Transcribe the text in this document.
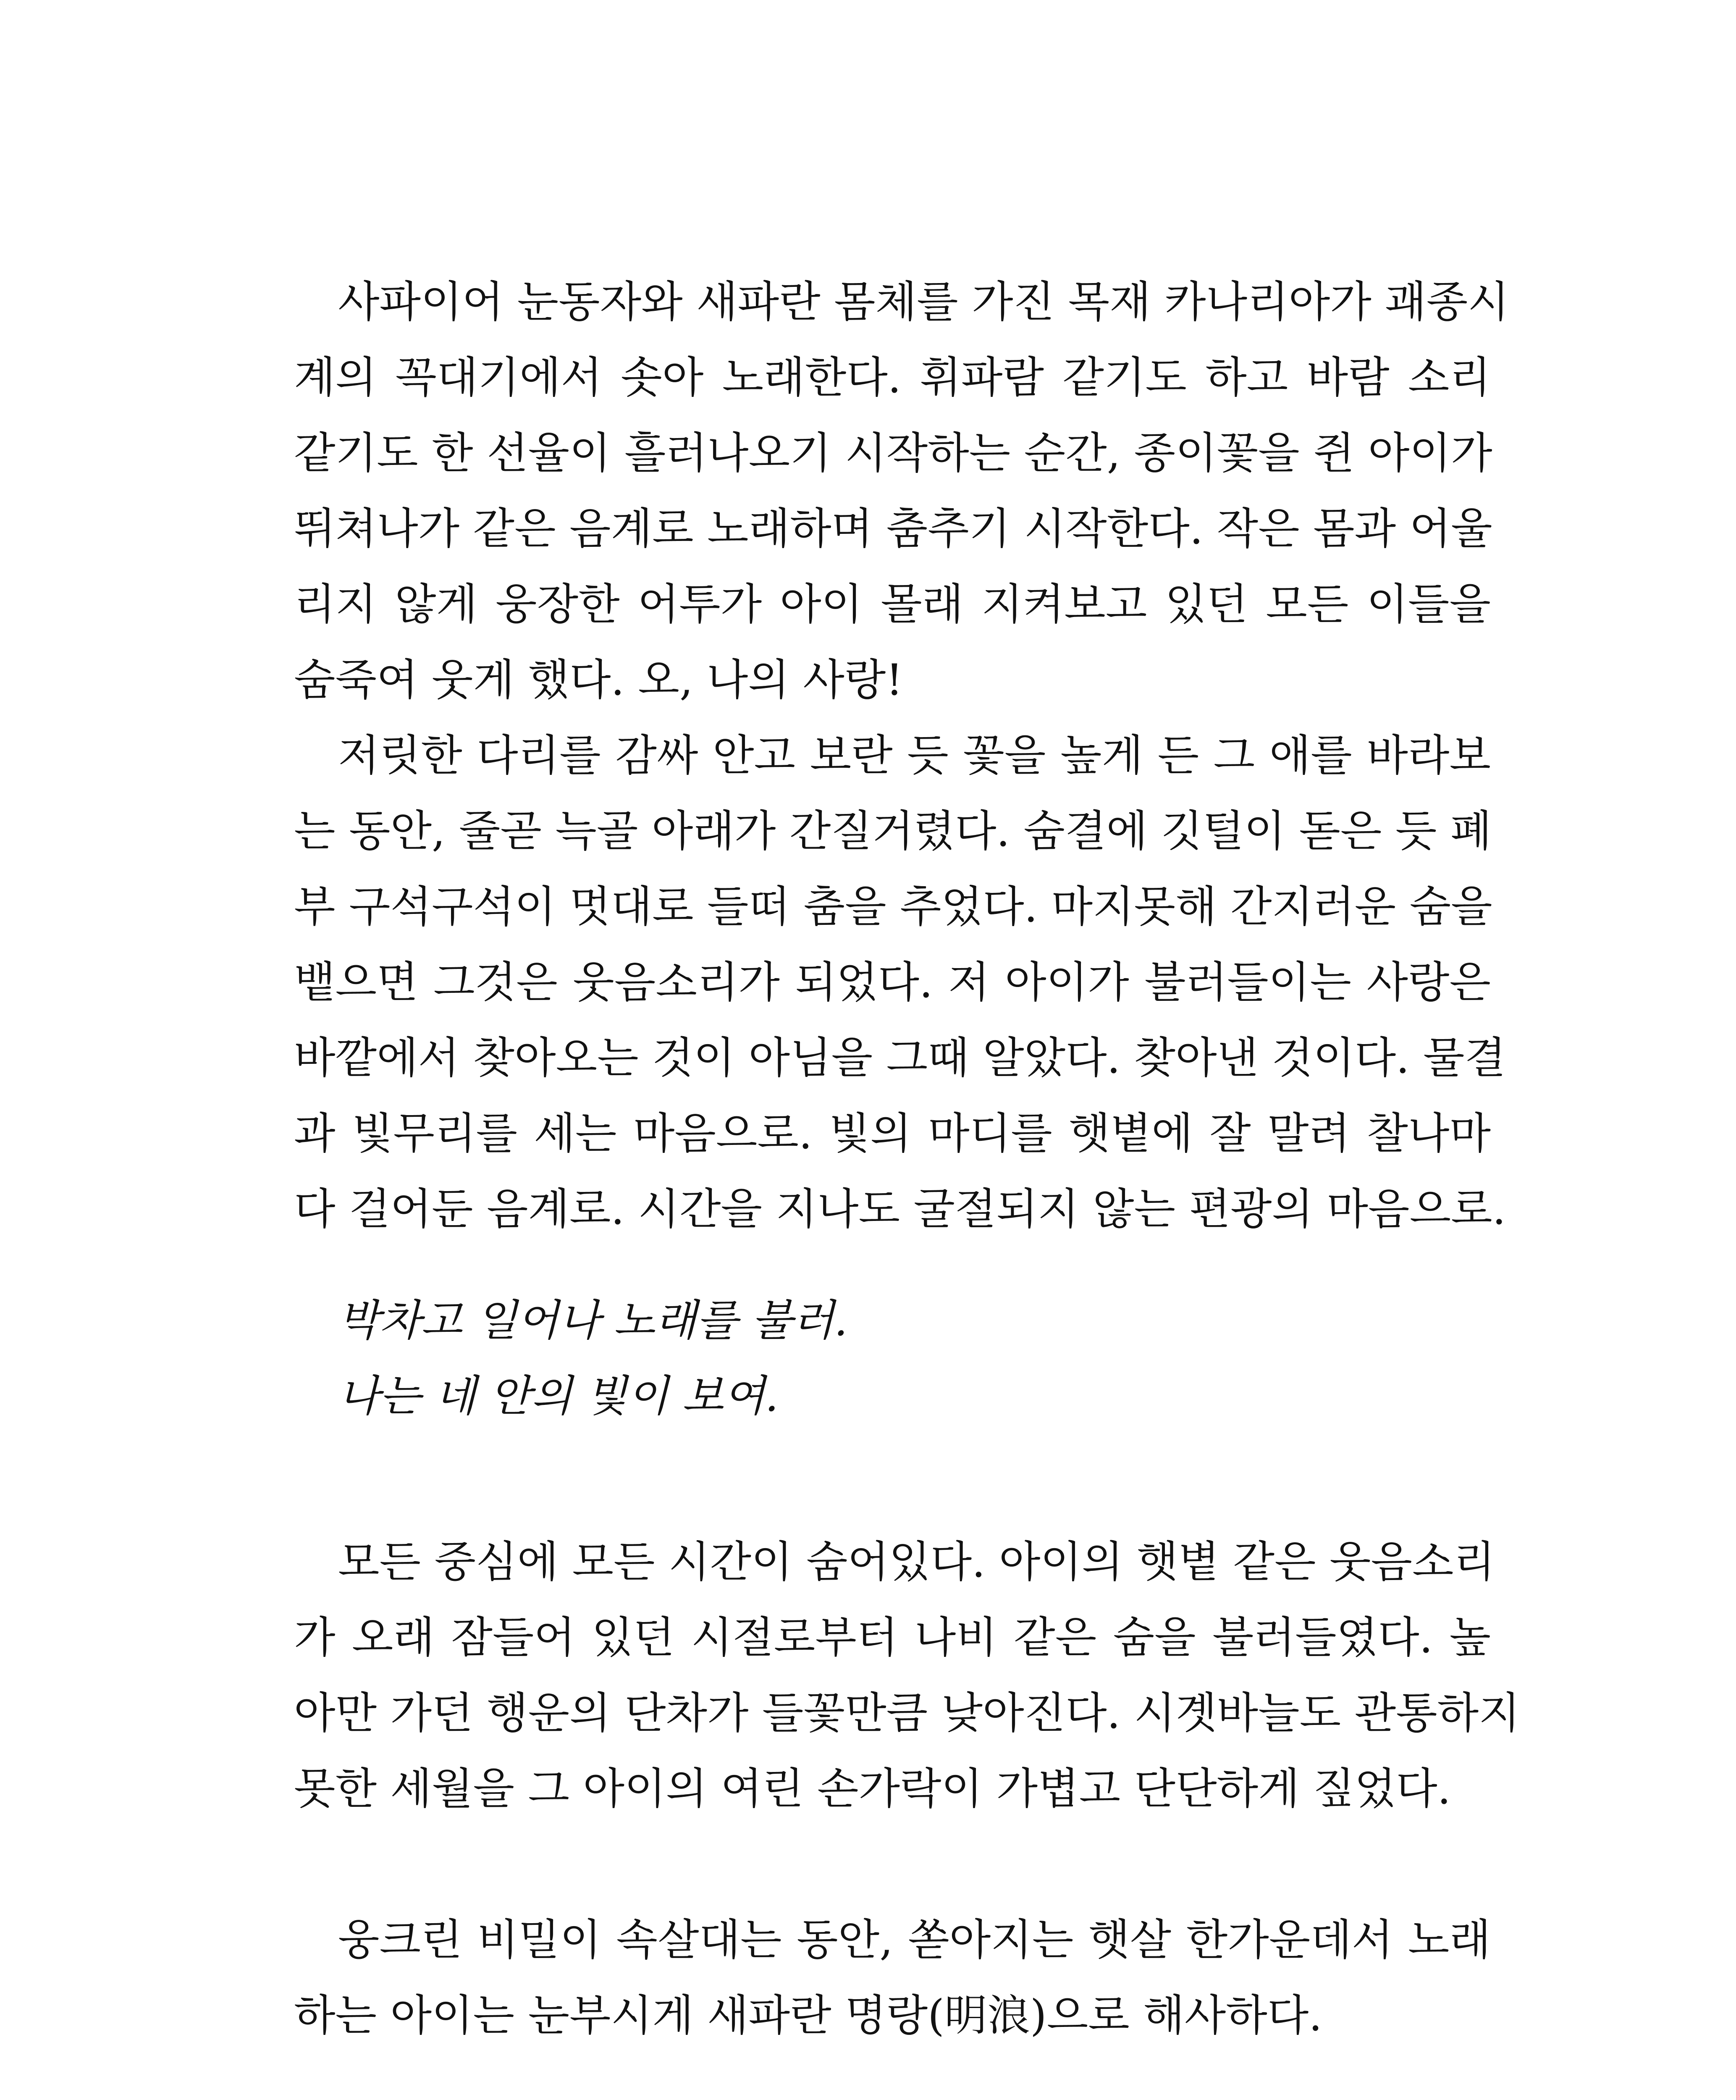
사파이어 눈동자와 새파란 몸체를 가진 목재 카나리아가 괘종시
계의 꼭대기에서 솟아 노래한다. 휘파람 같기도 하고 바람 소리
같기도 한 선율이 흘러나오기 시작하는 순간, 종이꽃을 쥔 아이가
뛰쳐나가 같은 음계로 노래하며 춤추기 시작한다. 작은 몸과 어울
리지 않게 웅장한 어투가 아이 몰래 지켜보고 있던 모든 이들을
숨죽여 웃게 했다. 오, 나의 사랑!
저릿한 다리를 감싸 안고 보란 듯 꽃을 높게 든 그 애를 바라보
는 동안, 줄곧 늑골 아래가 간질거렸다. 숨결에 깃털이 돋은 듯 폐
부 구석구석이 멋대로 들떠 춤을 추었다. 마지못해 간지러운 숨을
뱉으면 그것은 웃음소리가 되었다. 저 아이가 불러들이는 사랑은
바깥에서 찾아오는 것이 아님을 그때 알았다. 찾아낸 것이다. 물결
과 빛무리를 세는 마음으로. 빛의 마디를 햇볕에 잘 말려 찰나마
다 걸어둔 음계로. 시간을 지나도 굴절되지 않는 편광의 마음으로.
박차고 일어나 노래를 불러.
나는 네 안의 빛이 보여.
모든 중심에 모든 시간이 숨어있다. 아이의 햇볕 같은 웃음소리
가 오래 잠들어 있던 시절로부터 나비 같은 숨을 불러들였다. 높
아만 가던 행운의 단차가 들꽃만큼 낮아진다. 시곗바늘도 관통하지
못한 세월을 그 아이의 여린 손가락이 가볍고 단단하게 짚었다.
웅크린 비밀이 속살대는 동안, 쏟아지는 햇살 한가운데서 노래
하는 아이는 눈부시게 새파란 명랑(明浪)으로 해사하다.
